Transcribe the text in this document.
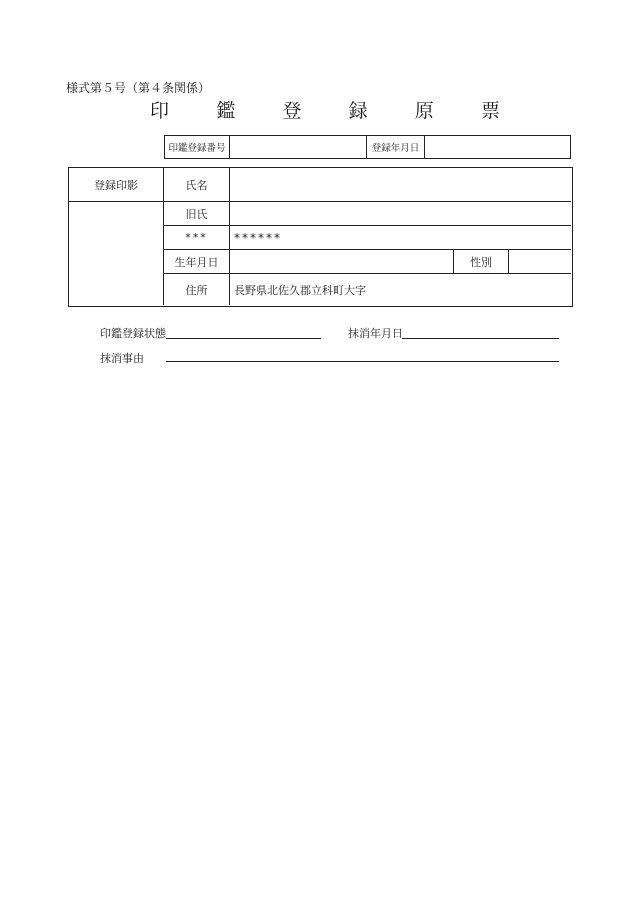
様式第５号（第４条関係）
印 鑑 登 録 原 票
印鑑登録番号	登録年月日
登録印影	氏名
旧氏
***	******
生年月日	性別
住所	長野県北佐久郡立科町大字
印鑑登録状態	抹消年月日
抹消事由
